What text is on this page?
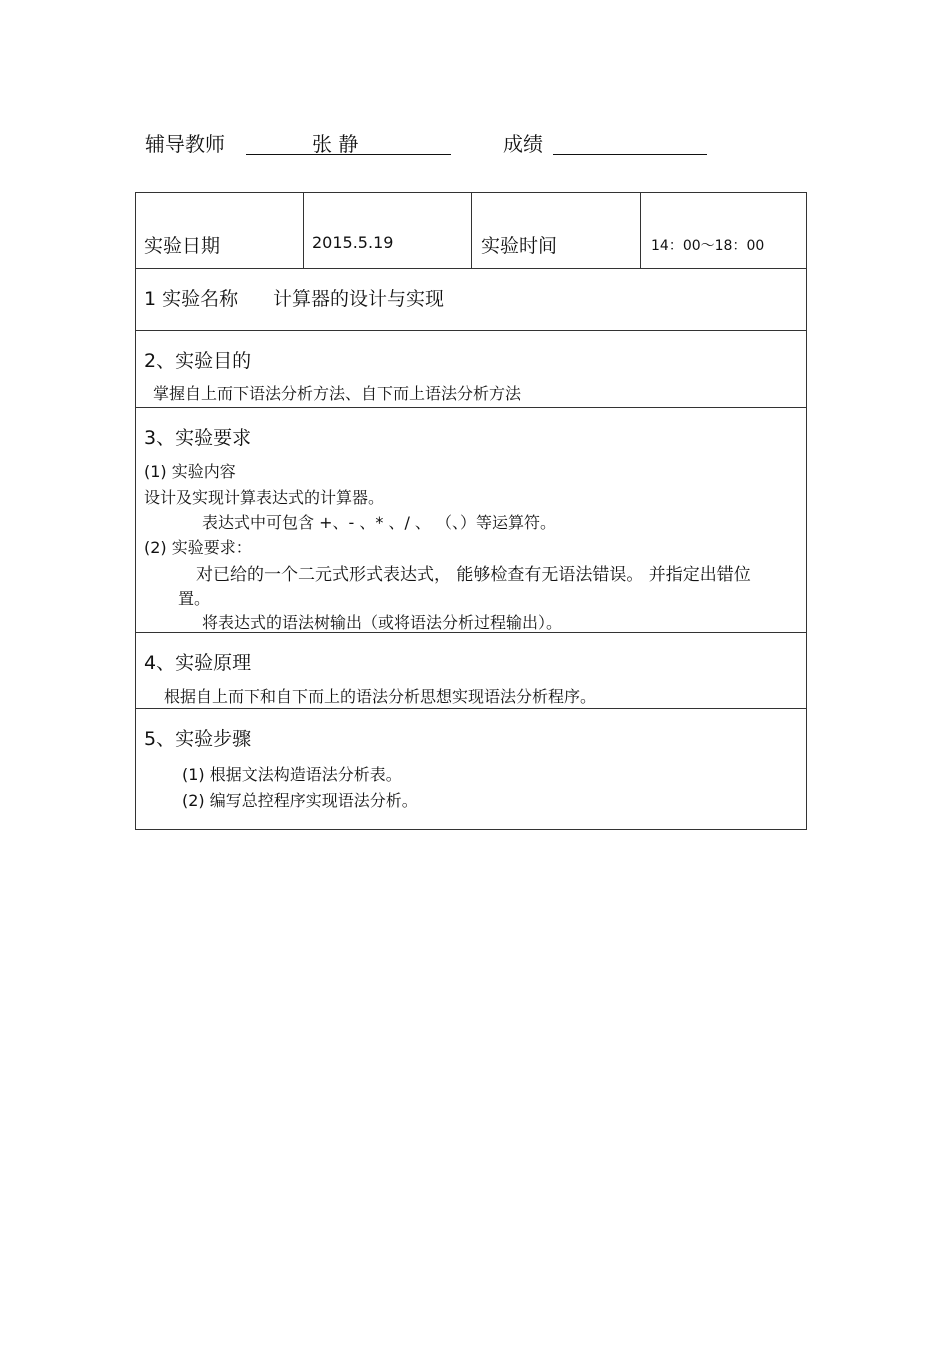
辅导教师	张 静	成绩
实验日期	2015.5.19	实验时间	14：00～18：00
1 实验名称 计算器的设计与实现
2、实验目的
掌握自上而下语法分析方法、自下而上语法分析方法
3、实验要求
(1) 实验内容
设计及实现计算表达式的计算器。
表达式中可包含 +、- 、* 、/ 、 （、）等运算符。
(2) 实验要求：
对已给的一个二元式形式表达式， 能够检查有无语法错误。 并指定出错位
置。
将表达式的语法树输出（或将语法分析过程输出）。
4、实验原理
根据自上而下和自下而上的语法分析思想实现语法分析程序。
5、实验步骤
(1) 根据文法构造语法分析表。
(2) 编写总控程序实现语法分析。
